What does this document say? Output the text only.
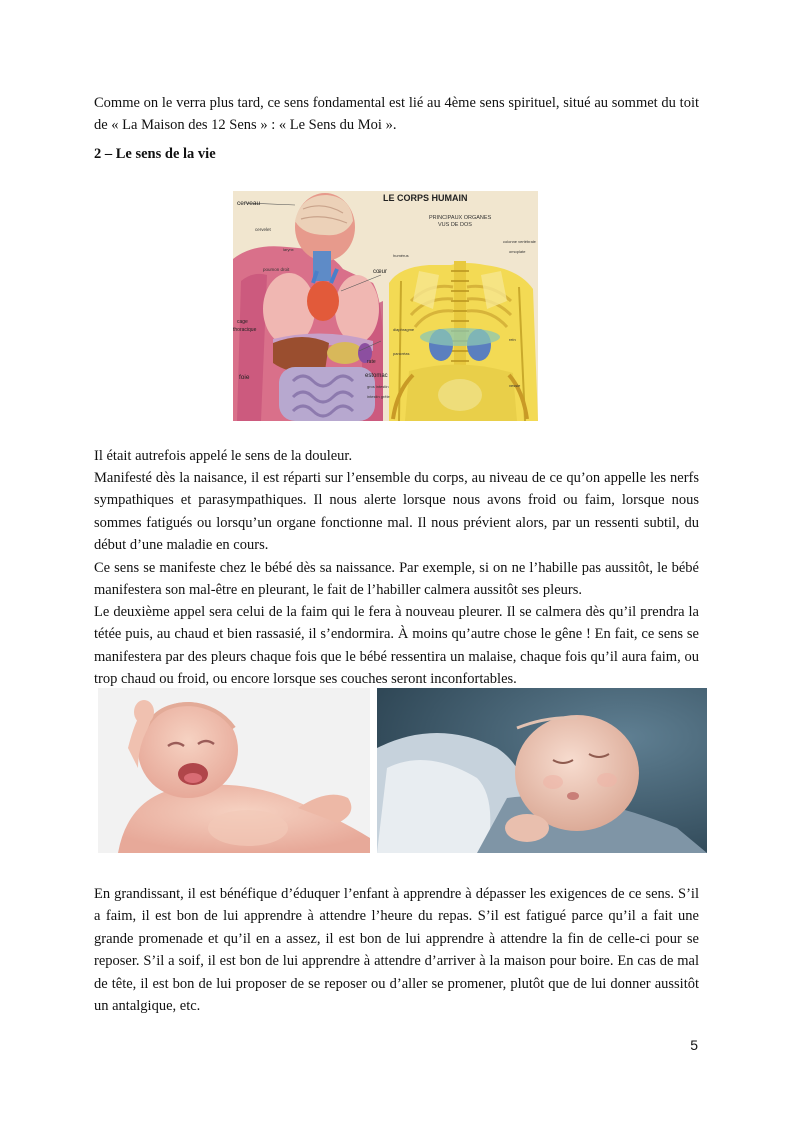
Comme on le verra plus tard, ce sens fondamental est lié au 4ème sens spirituel, situé au sommet du toit de « La Maison des 12 Sens » : « Le Sens du Moi ».

2 – Le sens de la vie
LE CORPS HUMAIN
PRINCIPAUX ORGANES
VUS DE DOS
cerveau
cervelet
larynx
poumon droit	cœur
cage
thoracique
foie
rate
estomac
gros intestin
intestin grêle
colonne vertébrale
omoplate
humérus
diaphragme
pancréas
rein
vessie

Il était autrefois appelé le sens de la douleur.

Manifesté dès la naisance, il est réparti sur l’ensemble du corps, au niveau de ce qu’on appelle les nerfs sympathiques et parasympathiques. Il nous alerte lorsque nous avons froid ou faim, lorsque nous sommes fatigués ou lorsqu’un organe fonctionne mal. Il nous prévient alors, par un ressenti subtil, du début d’une maladie en cours.

Ce sens se manifeste chez le bébé dès sa naissance. Par exemple, si on ne l’habille pas aussitôt, le bébé manifestera son mal-être en pleurant, le fait de l’habiller calmera aussitôt ses pleurs.

Le deuxième appel sera celui de la faim qui le fera à nouveau pleurer. Il se calmera dès qu’il prendra la tétée puis, au chaud et bien rassasié, il s’endormira. À moins qu’autre chose le gêne ! En fait, ce sens se manifestera par des pleurs chaque fois que le bébé ressentira un malaise, chaque fois qu’il aura faim, ou trop chaud ou froid, ou encore lorsque ses couches seront inconfortables.

En grandissant, il est bénéfique d’éduquer l’enfant à apprendre à dépasser les exigences de ce sens. S’il a faim, il est bon de lui apprendre à attendre l’heure du repas. S’il est fatigué parce qu’il a fait une grande promenade et qu’il en a assez, il est bon de lui apprendre à attendre la fin de celle-ci pour se reposer. S’il a soif, il est bon de lui apprendre à attendre d’arriver à la maison pour boire. En cas de mal de tête, il est bon de lui proposer de se reposer ou d’aller se promener, plutôt que de lui donner aussitôt un antalgique, etc.

5
